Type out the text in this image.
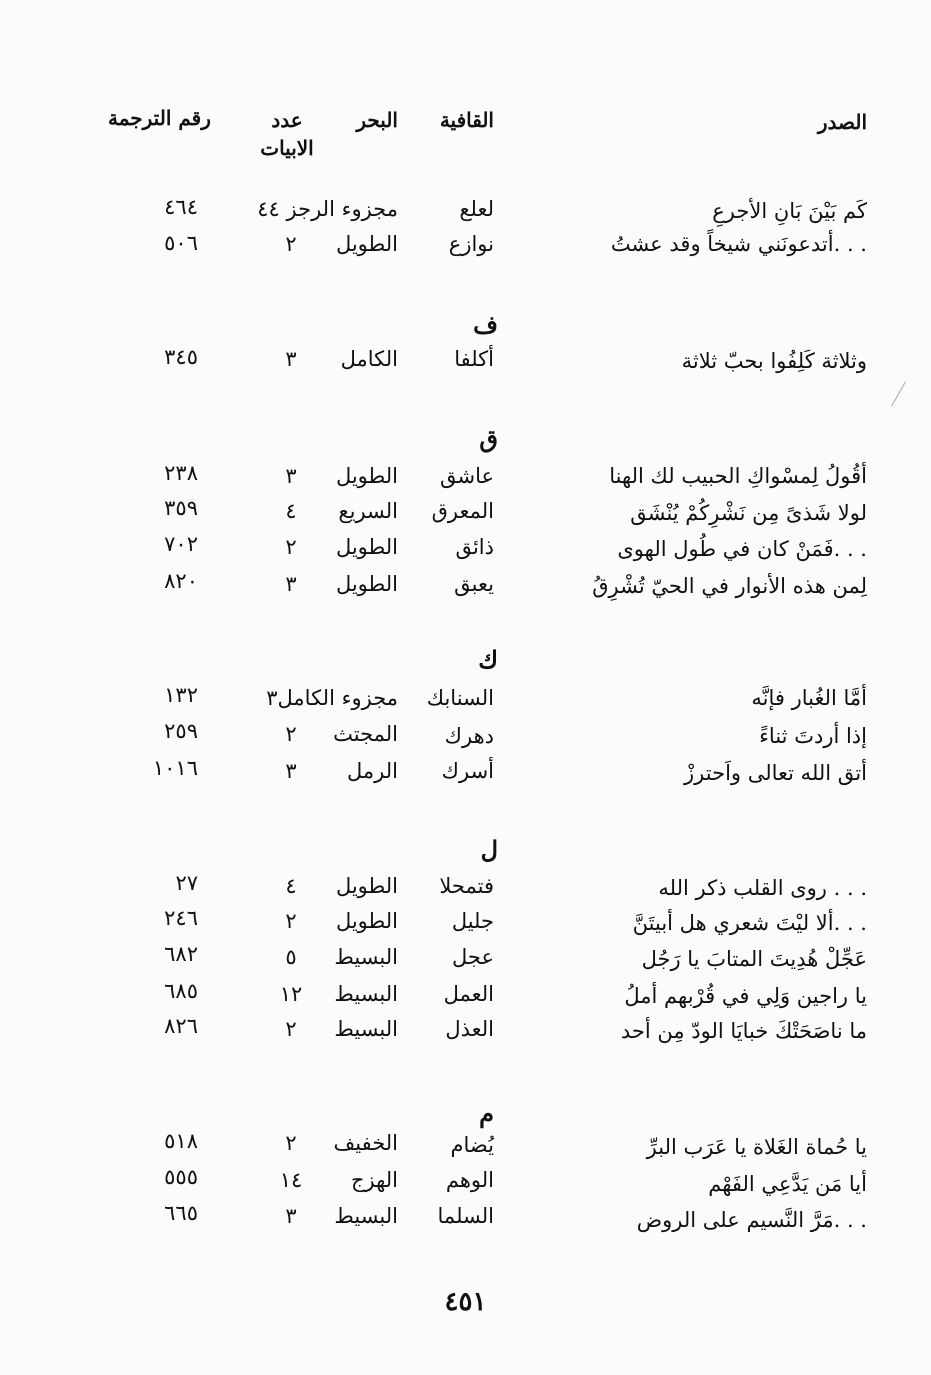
الصدر
القافية
البحر
عدد
الابيات
رقم الترجمة
كَم بَيْنَ بَانِ الأجرعِ
لعلع
مجزوء الرجز ٤٤
٤٦٤
أتدعونَني شيخاً وقد عشتُ. . .
نوازع
الطويل
٢
٥٠٦
ف
وثلاثة كَلِفُوا بحبّ ثلاثة
أكلفا
الكامل
٣
٣٤٥
ق
أقُولُ لِمسْواكِ الحبيب لك الهنا
عاشق
الطويل
٣
٢٣٨
لولا شَذىً مِن نَشْرِكُمْ يُنْشَق
المعرق
السريع
٤
٣٥٩
فَمَنْ كان في طُول الهوى. . .
ذائق
الطويل
٢
٧٠٢
لِمن هذه الأنوار في الحيّ تُشْرِقُ
يعبق
الطويل
٣
٨٢٠
ك
أمَّا الغُبار فإنَّه
السنابك
مجزوء الكامل٣
١٣٢
إذا أردتَ ثناءً
دهرك
المجتث
٢
٢٥٩
أتق الله تعالى واَحترزْ
أسرك
الرمل
٣
١٠١٦
ل
روى القلب ذكر الله . . .
فتمحلا
الطويل
٤
٢٧
ألا ليْتَ شعري هل أبيتَنَّ. . .
جليل
الطويل
٢
٢٤٦
عَجِّلْ هُدِيتَ المتابَ يا رَجُل
عجل
البسيط
٥
٦٨٢
يا راجين وَلِي في قُرْبهم أملُ
العمل
البسيط
١٢
٦٨٥
ما ناصَحَتْكَ خبايَا الودّ مِن أحد
العذل
البسيط
٢
٨٢٦
م
يا حُماة الغَلاة يا عَرَب البرِّ
يُضام
الخفيف
٢
٥١٨
أيا مَن يَدَّعِي الفَهْم
الوهم
الهزج
١٤
٥٥٥
مَرَّ النَّسيم على الروض. . .
السلما
البسيط
٣
٦٦٥
٤٥١
